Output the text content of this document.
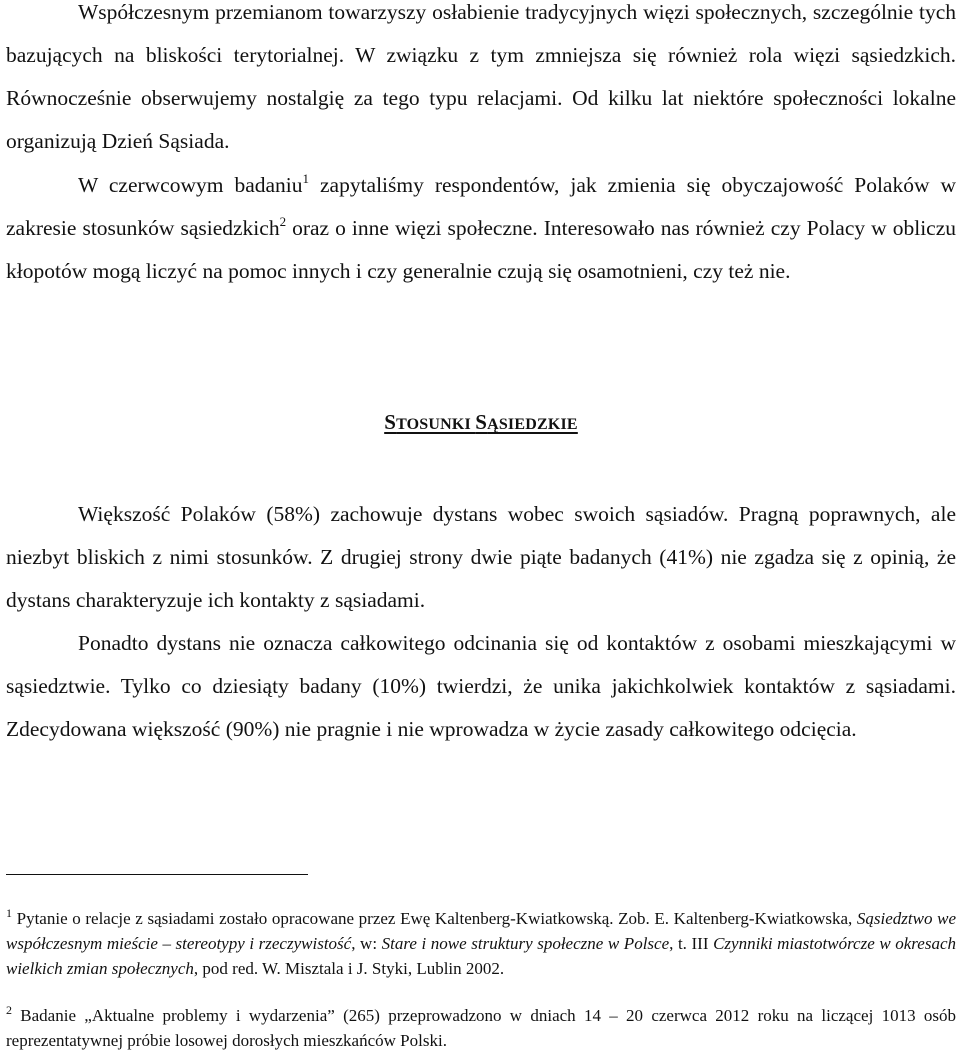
Współczesnym przemianom towarzyszy osłabienie tradycyjnych więzi społecznych, szczególnie tych bazujących na bliskości terytorialnej. W związku z tym zmniejsza się również rola więzi sąsiedzkich. Równocześnie obserwujemy nostalgię za tego typu relacjami. Od kilku lat niektóre społeczności lokalne organizują Dzień Sąsiada.

W czerwcowym badaniu$^1$ zapytaliśmy respondentów, jak zmienia się obyczajowość Polaków w zakresie stosunków sąsiedzkich$^2$ oraz o inne więzi społeczne. Interesowało nas również czy Polacy w obliczu kłopotów mogą liczyć na pomoc innych i czy generalnie czują się osamotnieni, czy też nie.

STOSUNKI SĄSIEDZKIE

Większość Polaków (58%) zachowuje dystans wobec swoich sąsiadów. Pragną poprawnych, ale niezbyt bliskich z nimi stosunków. Z drugiej strony dwie piąte badanych (41%) nie zgadza się z opinią, że dystans charakteryzuje ich kontakty z sąsiadami.

Ponadto dystans nie oznacza całkowitego odcinania się od kontaktów z osobami mieszkającymi w sąsiedztwie. Tylko co dziesiąty badany (10%) twierdzi, że unika jakichkolwiek kontaktów z sąsiadami. Zdecydowana większość (90%) nie pragnie i nie wprowadza w życie zasady całkowitego odcięcia.

$^1$ Pytanie o relacje z sąsiadami zostało opracowane przez Ewę Kaltenberg-Kwiatkowską. Zob. E. Kaltenberg-Kwiatkowska, Sąsiedztwo we współczesnym mieście – stereotypy i rzeczywistość, w: Stare i nowe struktury społeczne w Polsce, t. III Czynniki miastotwórcze w okresach wielkich zmian społecznych, pod red. W. Misztala i J. Styki, Lublin 2002.

$^2$ Badanie „Aktualne problemy i wydarzenia” (265) przeprowadzono w dniach 14 – 20 czerwca 2012 roku na liczącej 1013 osób reprezentatywnej próbie losowej dorosłych mieszkańców Polski.
